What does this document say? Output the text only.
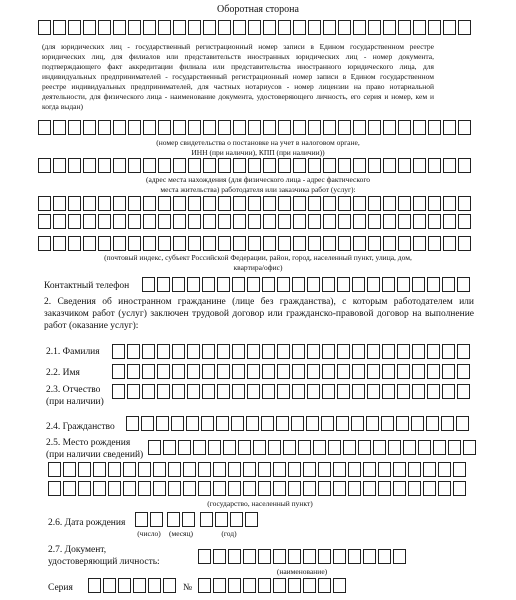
Оборотная сторона
(для юридических лиц - государственный регистрационный номер записи в Едином государственном реестре юридических лиц, для филиалов или представительств иностранных юридических лиц - номер документа, подтверждающего факт аккредитации филиала или представительства иностранного юридического лица, для индивидуальных предпринимателей - государственный регистрационный номер записи в Едином государственном реестре индивидуальных предпринимателей, для частных нотариусов - номер лицензии на право нотариальной деятельности, для физического лица - наименование документа, удостоверяющего личность, его серия и номер, кем и когда выдан)
(номер свидетельства о постановке на учет в налоговом органе,
ИНН (при наличии), КПП (при наличии))
(адрес места нахождения (для физического лица - адрес фактического
места жительства) работодателя или заказчика работ (услуг):
(почтовый индекс, субъект Российской Федерации, район, город, населенный пункт, улица, дом,
квартира/офис)
Контактный телефон
2. Сведения об иностранном гражданине (лице без гражданства), с которым работодателем или заказчиком работ (услуг) заключен трудовой договор или гражданско-правовой договор на выполнение работ (оказание услуг):
2.1. Фамилия
2.2. Имя
2.3. Отчество
(при наличии)
2.4. Гражданство
2.5. Место рождения
(при наличии сведений)
(государство, населенный пункт)
2.6. Дата рождения
(число)	(месяц)	(год)
2.7. Документ,
удостоверяющий личность:
(наименование)
Серия	№
